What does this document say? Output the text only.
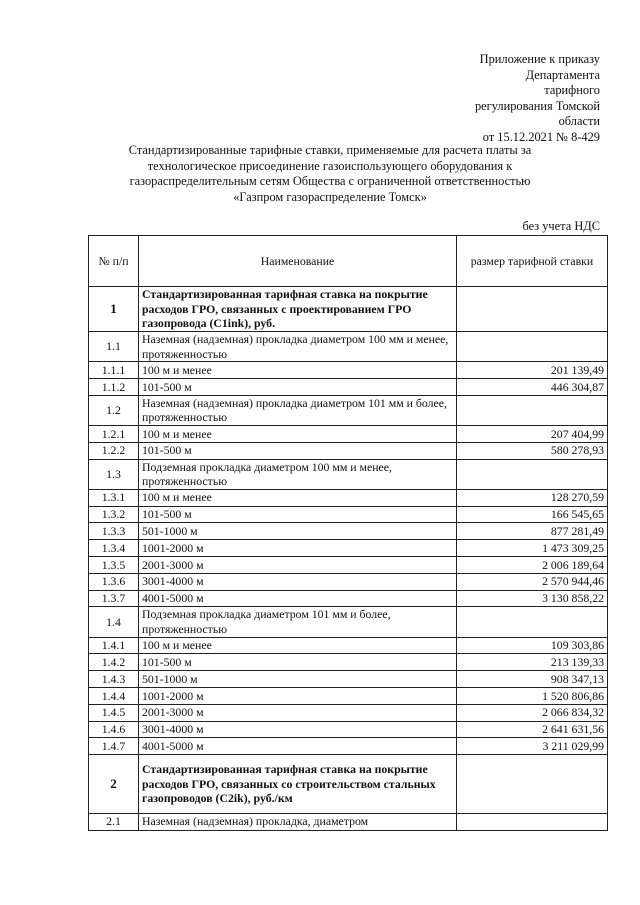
Приложение к приказу
Департамента
тарифного
регулирования Томской
области
от 15.12.2021 № 8-429
Стандартизированные тарифные ставки, применяемые для расчета платы за
технологическое присоединение газоиспользующего оборудования к
газораспределительным сетям Общества с ограниченной ответственностью
«Газпром газораспределение Томск»
без учета НДС
№ п/п	Наименование	размер тарифной ставки
1	Стандартизированная тарифная ставка на покрытие расходов ГРО, связанных с проектированием ГРО газопровода (C1ink), руб.	
1.1	Наземная (надземная) прокладка диаметром 100 мм и менее, протяженностью	
1.1.1	100 м и менее	201 139,49
1.1.2	101-500 м	446 304,87
1.2	Наземная (надземная) прокладка диаметром 101 мм и более, протяженностью	
1.2.1	100 м и менее	207 404,99
1.2.2	101-500 м	580 278,93
1.3	Подземная прокладка диаметром 100 мм и менее, протяженностью	
1.3.1	100 м и менее	128 270,59
1.3.2	101-500 м	166 545,65
1.3.3	501-1000 м	877 281,49
1.3.4	1001-2000 м	1 473 309,25
1.3.5	2001-3000 м	2 006 189,64
1.3.6	3001-4000 м	2 570 944,46
1.3.7	4001-5000 м	3 130 858,22
1.4	Подземная прокладка диаметром 101 мм и более, протяженностью	
1.4.1	100 м и менее	109 303,86
1.4.2	101-500 м	213 139,33
1.4.3	501-1000 м	908 347,13
1.4.4	1001-2000 м	1 520 806,86
1.4.5	2001-3000 м	2 066 834,32
1.4.6	3001-4000 м	2 641 631,56
1.4.7	4001-5000 м	3 211 029,99
2	Стандартизированная тарифная ставка на покрытие расходов ГРО, связанных со строительством стальных газопроводов (C2ik), руб./км	
2.1	Наземная (надземная) прокладка, диаметром	
